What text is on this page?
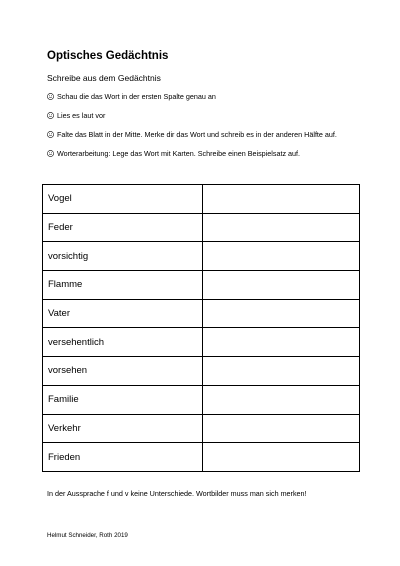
Optisches Gedächtnis
Schreibe aus dem Gedächtnis
Schau die das Wort in der ersten Spalte genau an
Lies es laut vor
Falte das Blatt in der Mitte. Merke dir das Wort und schreib es in der anderen Hälfte auf.
Worterarbeitung: Lege das Wort mit Karten. Schreibe einen Beispielsatz auf.
Vogel	
Feder	
vorsichtig	
Flamme	
Vater	
versehentlich	
vorsehen	
Familie	
Verkehr	
Frieden	
In der Aussprache f und v keine Unterschiede. Wortbilder muss man sich merken!
Helmut Schneider, Roth 2019
